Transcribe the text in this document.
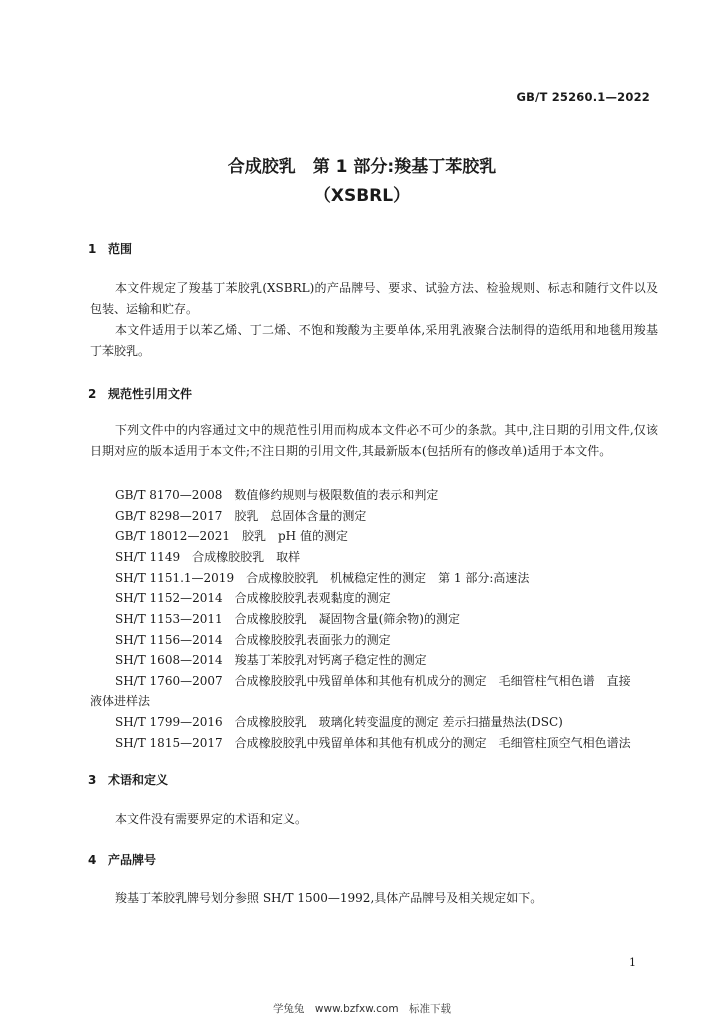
GB/T 25260.1—2022
合成胶乳　第 1 部分:羧基丁苯胶乳
（XSBRL）
1 范围
本文件规定了羧基丁苯胶乳(XSBRL)的产品牌号、要求、试验方法、检验规则、标志和随行文件以及包装、运输和贮存。
本文件适用于以苯乙烯、丁二烯、不饱和羧酸为主要单体,采用乳液聚合法制得的造纸用和地毯用羧基丁苯胶乳。
2 规范性引用文件
下列文件中的内容通过文中的规范性引用而构成本文件必不可少的条款。其中,注日期的引用文件,仅该日期对应的版本适用于本文件;不注日期的引用文件,其最新版本(包括所有的修改单)适用于本文件。
GB/T 8170—2008 数值修约规则与极限数值的表示和判定
GB/T 8298—2017 胶乳　总固体含量的测定
GB/T 18012—2021 胶乳　pH 值的测定
SH/T 1149 合成橡胶胶乳　取样
SH/T 1151.1—2019 合成橡胶胶乳　机械稳定性的测定　第 1 部分:高速法
SH/T 1152—2014 合成橡胶胶乳表观黏度的测定
SH/T 1153—2011 合成橡胶胶乳　凝固物含量(筛余物)的测定
SH/T 1156—2014 合成橡胶胶乳表面张力的测定
SH/T 1608—2014 羧基丁苯胶乳对钙离子稳定性的测定
SH/T 1760—2007 合成橡胶胶乳中残留单体和其他有机成分的测定　毛细管柱气相色谱　直接
液体进样法
SH/T 1799—2016 合成橡胶胶乳　玻璃化转变温度的测定 差示扫描量热法(DSC)
SH/T 1815—2017 合成橡胶胶乳中残留单体和其他有机成分的测定　毛细管柱顶空气相色谱法
3 术语和定义
本文件没有需要界定的术语和定义。
4 产品牌号
羧基丁苯胶乳牌号划分参照 SH/T 1500—1992,具体产品牌号及相关规定如下。
1
学兔兔　www.bzfxw.com　标准下载
